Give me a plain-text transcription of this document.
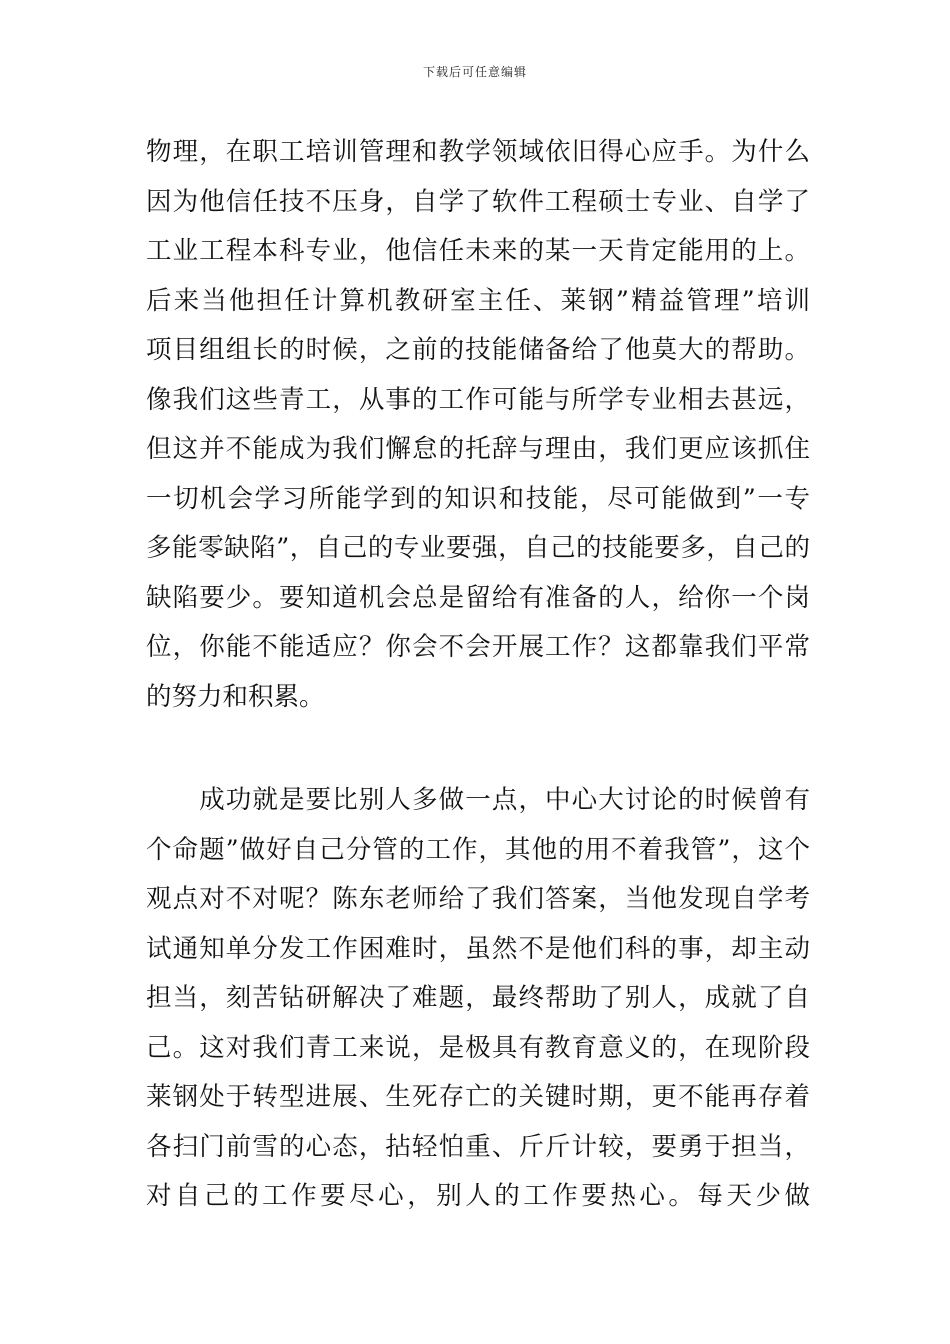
下载后可任意编辑
物理，在职工培训管理和教学领域依旧得心应手。为什么
因为他信任技不压身，自学了软件工程硕士专业、自学了
工业工程本科专业，他信任未来的某一天肯定能用的上。
后来当他担任计算机教研室主任、莱钢”精益管理”培训
项目组组长的时候，之前的技能储备给了他莫大的帮助。
像我们这些青工，从事的工作可能与所学专业相去甚远，
但这并不能成为我们懈怠的托辞与理由，我们更应该抓住
一切机会学习所能学到的知识和技能，尽可能做到”一专
多能零缺陷”，自己的专业要强，自己的技能要多，自己的
缺陷要少。要知道机会总是留给有准备的人，给你一个岗
位，你能不能适应？你会不会开展工作？这都靠我们平常
的努力和积累。
　　成功就是要比别人多做一点，中心大讨论的时候曾有
个命题”做好自己分管的工作，其他的用不着我管”，这个
观点对不对呢？陈东老师给了我们答案，当他发现自学考
试通知单分发工作困难时，虽然不是他们科的事，却主动
担当，刻苦钻研解决了难题，最终帮助了别人，成就了自
己。这对我们青工来说，是极具有教育意义的，在现阶段
莱钢处于转型进展、生死存亡的关键时期，更不能再存着
各扫门前雪的心态，拈轻怕重、斤斤计较，要勇于担当，
对自己的工作要尽心，别人的工作要热心。每天少做
